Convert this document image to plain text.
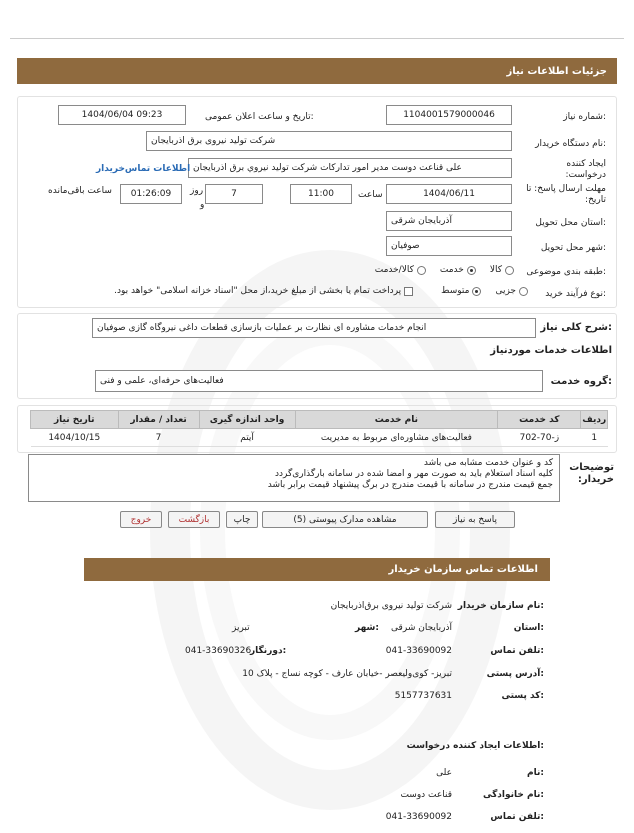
جزئیات اطلاعات نیاز
شماره نیاز:
1104001579000046
تاریخ و ساعت اعلان عمومی:
1404/06/04 09:23
نام دستگاه خریدار:
شرکت تولید نیروی برق اذربایجان
ایجاد کننده درخواست:
علی قناعت دوست مدیر امور تداركات شركت توليد نيروي برق اذربايجان
اطلاعات تماس‌خریدار
مهلت ارسال پاسخ: تا تاریخ:
1404/06/11
ساعت
11:00
7
روز
و
01:26:09
ساعت باقی‌مانده
استان محل تحویل:
آذربایجان شرقی
شهر محل تحویل:
صوفیان
طبقه بندی موضوعی:
کالا
خدمت
کالا/خدمت
نوع فرآیند خرید:
جزیی
متوسط
پرداخت تمام یا بخشی از مبلغ خرید،از محل "اسناد خزانه اسلامی" خواهد بود.
شرح کلی نیاز:
انجام خدمات مشاوره ای نظارت بر عملیات بازسازی قطعات داغی نیروگاه گازی صوفیان
اطلاعات خدمات موردنیاز
گروه خدمت:
فعالیت‌های حرفه‌ای، علمی و فنی
ردیف	کد خدمت	نام خدمت	واحد اندازه گیری	تعداد / مقدار	تاریخ نیاز
1	ز-70-702	فعالیت‌های مشاوره‌ای مربوط به مدیریت	آیتم	7	1404/10/15
توضیحات خریدار:
کد و عنوان خدمت مشابه می باشد
کلیه اسناد استعلام باید به صورت مهر و امضا شده در سامانه بارگذاری‌گردد
جمع قیمت مندرج در سامانه با قیمت مندرج در برگ پیشنهاد قیمت برابر باشد
پاسخ به نیاز
مشاهده مدارک پیوستی (5)
چاپ
بازگشت
خروج
اطلاعات تماس سازمان خریدار
نام سازمان خریدار:
شرکت تولید نیروی برق‌اذربایجان
استان:
آذربایجان شرقی
شهر:
تبریز
تلفن تماس:
041-33690092
دورنگار:
041-33690326
آدرس پستی:
تبریز- کوی‌ولیعصر -خیابان عارف - کوچه نساج - پلاک 10
کد پستی:
5157737631
اطلاعات ایجاد کننده درخواست:
نام:
علی
نام خانوادگی:
قناعت دوست
تلفن تماس:
041-33690092
